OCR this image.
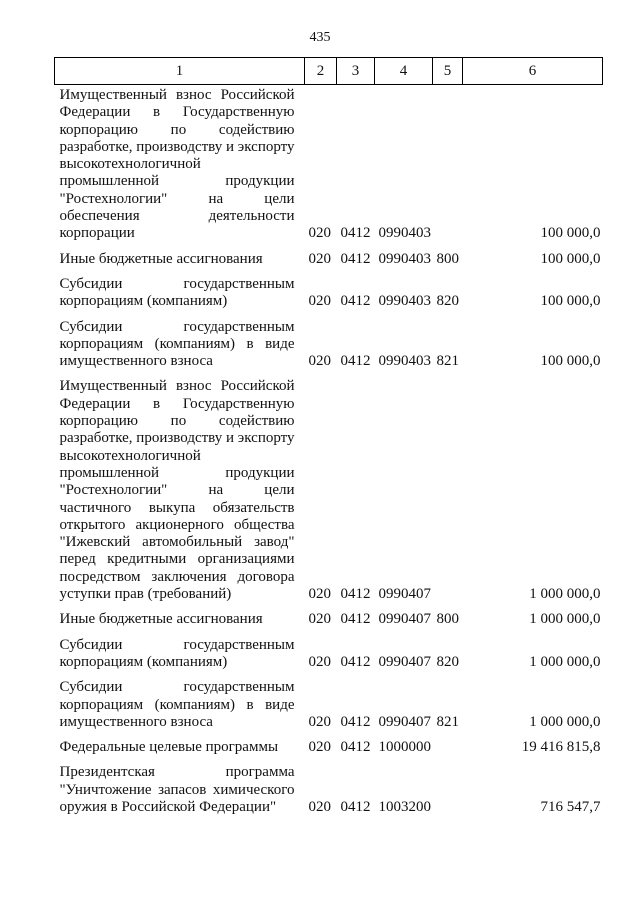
435
1	2	3	4	5	6
Имущественный взнос Российской Федерации в Государственную корпорацию по содействию разработке, производству и экспорту высокотехнологичной промышленной продукции "Ростехнологии" на цели обеспечения деятельности корпорации	020	0412	0990403		100 000,0
Иные бюджетные ассигнования	020	0412	0990403	800	100 000,0
Субсидии государственным корпорациям (компаниям)	020	0412	0990403	820	100 000,0
Субсидии государственным корпорациям (компаниям) в виде имущественного взноса	020	0412	0990403	821	100 000,0
Имущественный взнос Российской Федерации в Государственную корпорацию по содействию разработке, производству и экспорту высокотехнологичной промышленной продукции "Ростехнологии" на цели частичного выкупа обязательств открытого акционерного общества "Ижевский автомобильный завод" перед кредитными организациями посредством заключения договора уступки прав (требований)	020	0412	0990407		1 000 000,0
Иные бюджетные ассигнования	020	0412	0990407	800	1 000 000,0
Субсидии государственным корпорациям (компаниям)	020	0412	0990407	820	1 000 000,0
Субсидии государственным корпорациям (компаниям) в виде имущественного взноса	020	0412	0990407	821	1 000 000,0
Федеральные целевые программы	020	0412	1000000		19 416 815,8
Президентская программа "Уничтожение запасов химического оружия в Российской Федерации"	020	0412	1003200		716 547,7
